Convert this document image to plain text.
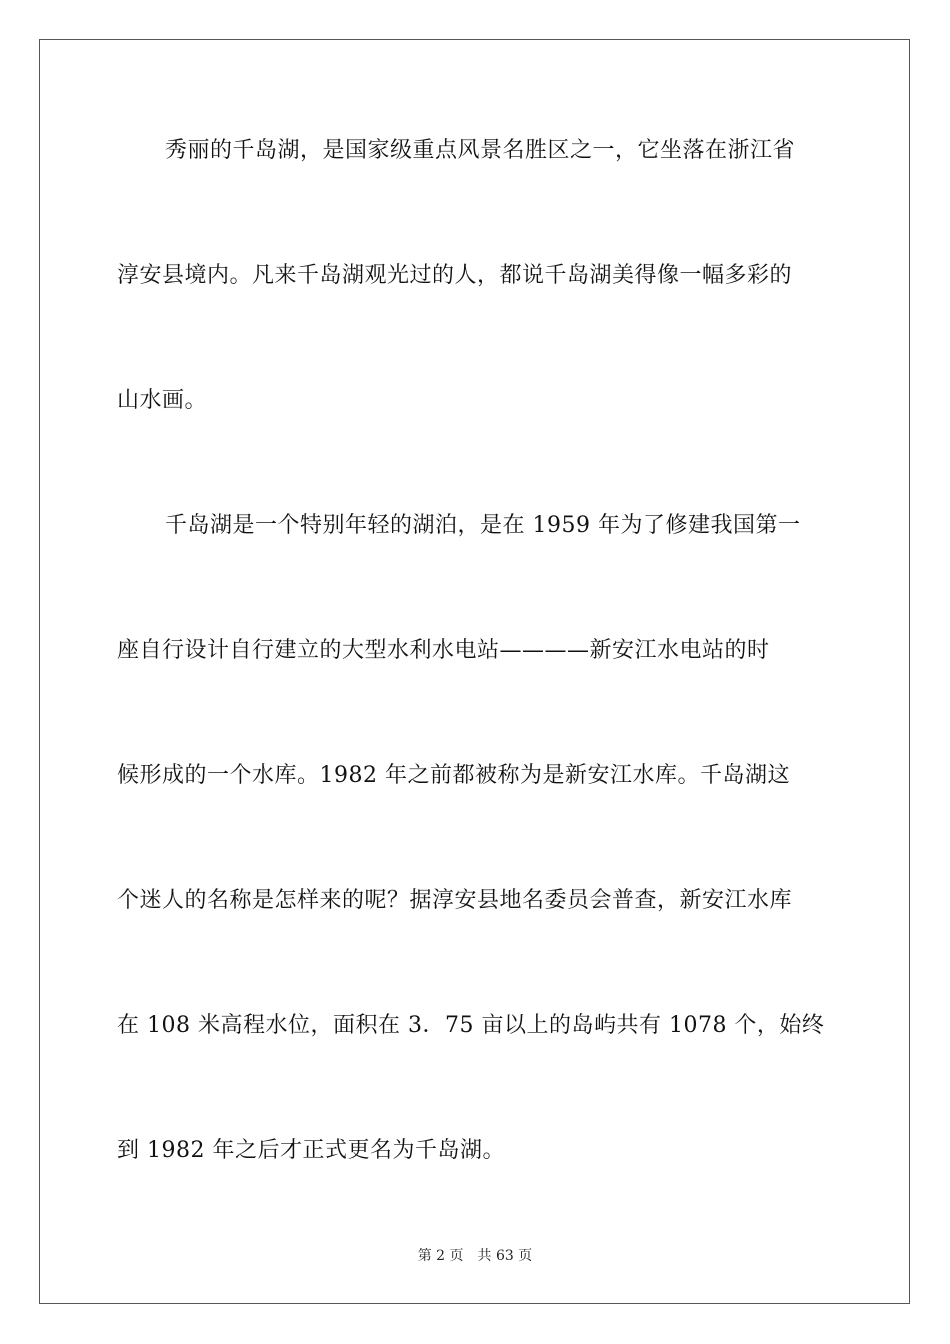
秀丽的千岛湖，是国家级重点风景名胜区之一，它坐落在浙江省
淳安县境内。凡来千岛湖观光过的人，都说千岛湖美得像一幅多彩的
山水画。
千岛湖是一个特别年轻的湖泊，是在 1959 年为了修建我国第一
座自行设计自行建立的大型水利水电站————新安江水电站的时
候形成的一个水库。1982 年之前都被称为是新安江水库。千岛湖这
个迷人的名称是怎样来的呢？据淳安县地名委员会普查，新安江水库
在 108 米高程水位，面积在 3．75 亩以上的岛屿共有 1078 个，始终
到 1982 年之后才正式更名为千岛湖。
第 2 页 共 63 页
